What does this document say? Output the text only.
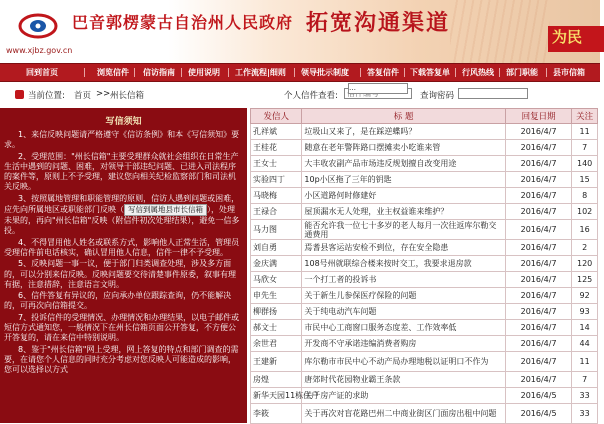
巴音郭楞蒙古自治州人民政府
www.xjbz.gov.cn
拓宽沟通渠道
为民
回到首页	浏览信件 信访指南 使用说明 工作流程|细则 领导批示制度 答复信件 下载答复单 行风热线 部门职能 县市信箱
当前位置: 首页 >> 州长信箱	个人信件查看:
信件编号	查询密码
…
写信须知

1、来信反映问题请严格遵守《信访条例》和本《写信须知》要求。

2、受理范围："州长信箱"主要受理群众就社会组织在日常生产生活中遇到的问题、困难，对领导干部违纪问题、已进入司法程序的案件等，原则上不予受理，建议您向相关纪检监察部门和司法机关反映。

3、按照属地管理和职能管理的原则，信访人遇到问题或困难，应先向所属地区或职能部门反映（ 写信到属地县市长信箱 ），处理未果的，再向"州长信箱"反映（附信件初次处理结果），避免一信多投。

4、不得冒用他人姓名或联系方式，影响他人正常生活，管理员受理信件前电话核实，确认冒用他人信息，信件一律不予受理。

5、反映问题一事一议，便于部门归类调查处理，涉及多方面的，可以分别来信反映。反映问题要交待清楚事件原委，叙事有理有据，注意措辞，注意语言文明。

6、信件答复有异议的，应向承办单位跟踪查询，仍不能解决的，可再次向信箱提交。

7、投诉信件的受理情况、办理情况和办理结果，以电子邮件或短信方式通知您，一般情况下在州长信箱页面公开答复，不方便公开答复的，请在来信中特别说明。

8、鉴于"州长信箱"网上受理，网上答复的特点和部门调查的需要，在请您个人信息的同时充分考虑对您反映人可能造成的影响，您可以选择以方式

发信人	标 题	回复日期	关注
孔祥斌	垃圾山又来了，是在踩逆蝶吗？	2016/4/7	11
王桂花	随意在老年警阵路口摆摊卖小吃谁来管	2016/4/7	7
王女士	大丰收农副产品市场违反规划擅自改变用途	2016/4/7	140
实验四丁	10p小区拖了三年的钥匙	2016/4/7	15
马晓梅	小区道路何时修建好	2016/4/7	8
王禄合	屋顶漏水无人处理，业主权益谁来维护？	2016/4/7	102
马力图	能否允许我一位七十多岁的老人每月一次往返库尔勒交通费用	2016/4/7	16
刘自勇	焉耆县客运站安检不到位，存在安全隐患	2016/4/7	2
金庆满	108号州就联综合楼来按时交工，我要求退房款	2016/4/7	120
马欣女	一个打工者的投诉书	2016/4/7	125
申先生	关于新生儿参保医疗保险的问题	2016/4/7	92
柳群扬	关于纯电动汽车问题	2016/4/7	93
郝文士	市民中心工商窗口服务态度差、工作效率低	2016/4/7	14
余世君	开发商不守承诺违编消费者购房	2016/4/7	44
王建新	库尔勒市市民中心不动产局办理地税以证明口不作为	2016/4/7	11
房煌	唐郊时代花园物业霸王条款	2016/4/7	7
新华天园11栋住户	关于房产证的求助	2016/4/5	33
李筱	关于再次对盲花路巴州二中商业街区门面房出租中问题	2016/4/5	33
